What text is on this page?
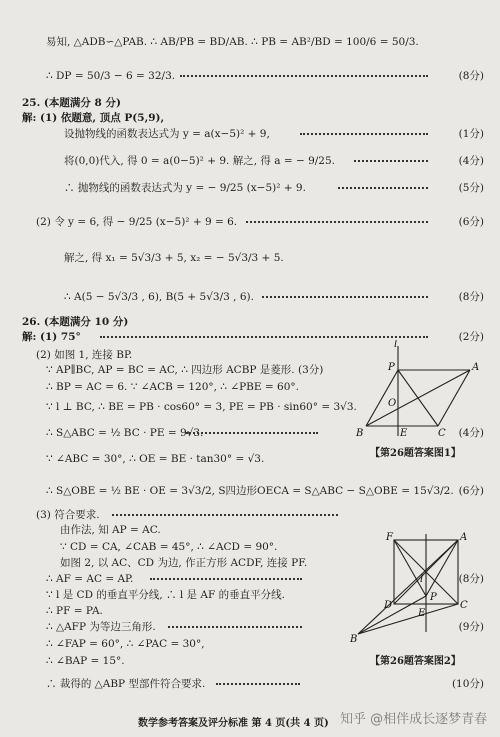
易知, △ADB∽△PAB. ∴ AB/PB = BD/AB. ∴ PB = AB²/BD = 100/6 = 50/3.
∴ DP = 50/3 − 6 = 32/3.	(8分)
25. (本题满分 8 分)
解: (1) 依题意, 顶点 P(5,9),
设抛物线的函数表达式为 y = a(x−5)² + 9,	(1分)
将(0,0)代入, 得 0 = a(0−5)² + 9. 解之, 得 a = − 9/25.	(4分)
∴ 抛物线的函数表达式为 y = − 9/25 (x−5)² + 9.	(5分)
(2) 令 y = 6, 得 − 9/25 (x−5)² + 9 = 6.	(6分)
解之, 得 x₁ = 5√3/3 + 5, x₂ = − 5√3/3 + 5.
∴ A(5 − 5√3/3 , 6), B(5 + 5√3/3 , 6).	(8分)
26. (本题满分 10 分)
解: (1) 75°	(2分)
(2) 如图 1, 连接 BP.
∵ AP∥BC, AP = BC = AC, ∴ 四边形 ACBP 是菱形. (3分)
∴ BP = AC = 6. ∵ ∠ACB = 120°, ∴ ∠PBE = 60°.
∵ l ⊥ BC, ∴ BE = PB · cos60° = 3, PE = PB · sin60° = 3√3.
∴ S△ABC = ½ BC · PE = 9√3.	(4分)
∵ ∠ABC = 30°, ∴ OE = BE · tan30° = √3.
∴ S△OBE = ½ BE · OE = 3√3/2, S四边形OECA = S△ABC − S△OBE = 15√3/2. (6分)
(3) 符合要求.
由作法, 知 AP = AC.
∵ CD = CA, ∠CAB = 45°, ∴ ∠ACD = 90°.
如图 2, 以 AC、CD 为边, 作正方形 ACDF, 连接 PF.
∴ AF = AC = AP.	(8分)
∵ l 是 CD 的垂直平分线, ∴ l 是 AF 的垂直平分线.
∴ PF = PA.
∴ △AFP 为等边三角形.	(9分)
∴ ∠FAP = 60°, ∴ ∠PAC = 30°,
∴ ∠BAP = 15°.
∴ 裁得的 △ABP 型部件符合要求.	(10分)
l
P	A
O
B	E	C
【第26题答案图1】
F	A
l
P
D
E
C
B
【第26题答案图2】
数学参考答案及评分标准 第 4 页(共 4 页) 知乎 @相伴成长逐梦青春
